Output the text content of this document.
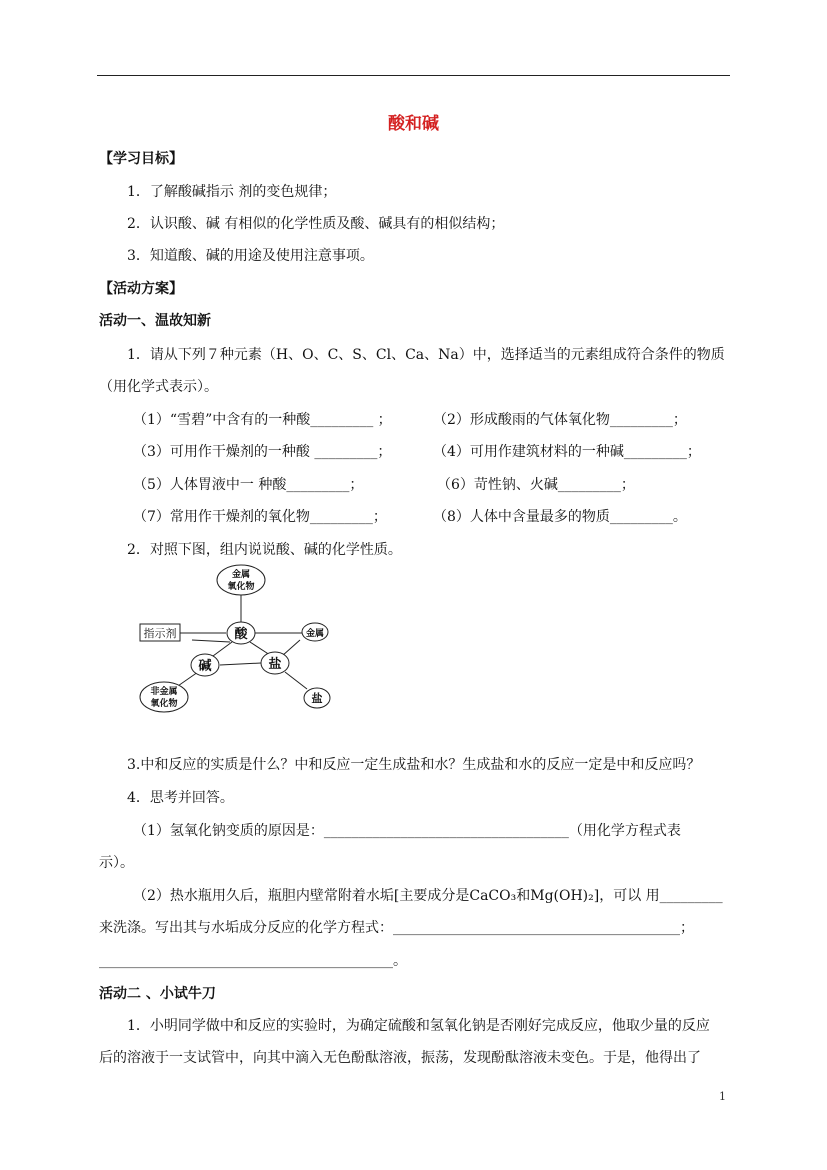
酸和碱
【学习目标】
1．了解酸碱指示 剂的变色规律；
2．认识酸、碱 有相似的化学性质及酸、碱具有的相似结构；
3．知道酸、碱的用途及使用注意事项。
【活动方案】
活动一、温故知新
1．请从下列７种元素（H、O、C、S、Cl、Ca、Na）中，选择适当的元素组成符合条件的物质
（用化学式表示）。
（1）“雪碧”中含有的一种酸_________ ；	（2）形成酸雨的气体氧化物_________；
（3）可用作干燥剂的一种酸 _________；	（4）可用作建筑材料的一种碱_________；
（5）人体胃液中一 种酸_________；	（6）苛性钠、火碱_________；
（7）常用作干燥剂的氧化物_________；	（8）人体中含量最多的物质_________。
2．对照下图，组内说说酸、碱的化学性质。
金属
氧化物
指示剂	酸	金属
碱	盐
非金属
氧化物	盐
3.中和反应的实质是什么？中和反应一定生成盐和水？生成盐和水的反应一定是中和反应吗？
4．思考并回答。
（1）氢氧化钠变质的原因是：___________________________________（用化学方程式表
示）。
（2）热水瓶用久后，瓶胆内壁常附着水垢[主要成分是CaCO₃和Mg(OH)₂]，可以 用_________
来洗涤。写出其与水垢成分反应的化学方程式：_________________________________________；
__________________________________________。
活动二 、小试牛刀
1．小明同学做中和反应的实验时，为确定硫酸和氢氧化钠是否刚好完成反应，他取少量的反应
后的溶液于一支试管中，向其中滴入无色酚酞溶液，振荡，发现酚酞溶液未变色。于是，他得出了
1
